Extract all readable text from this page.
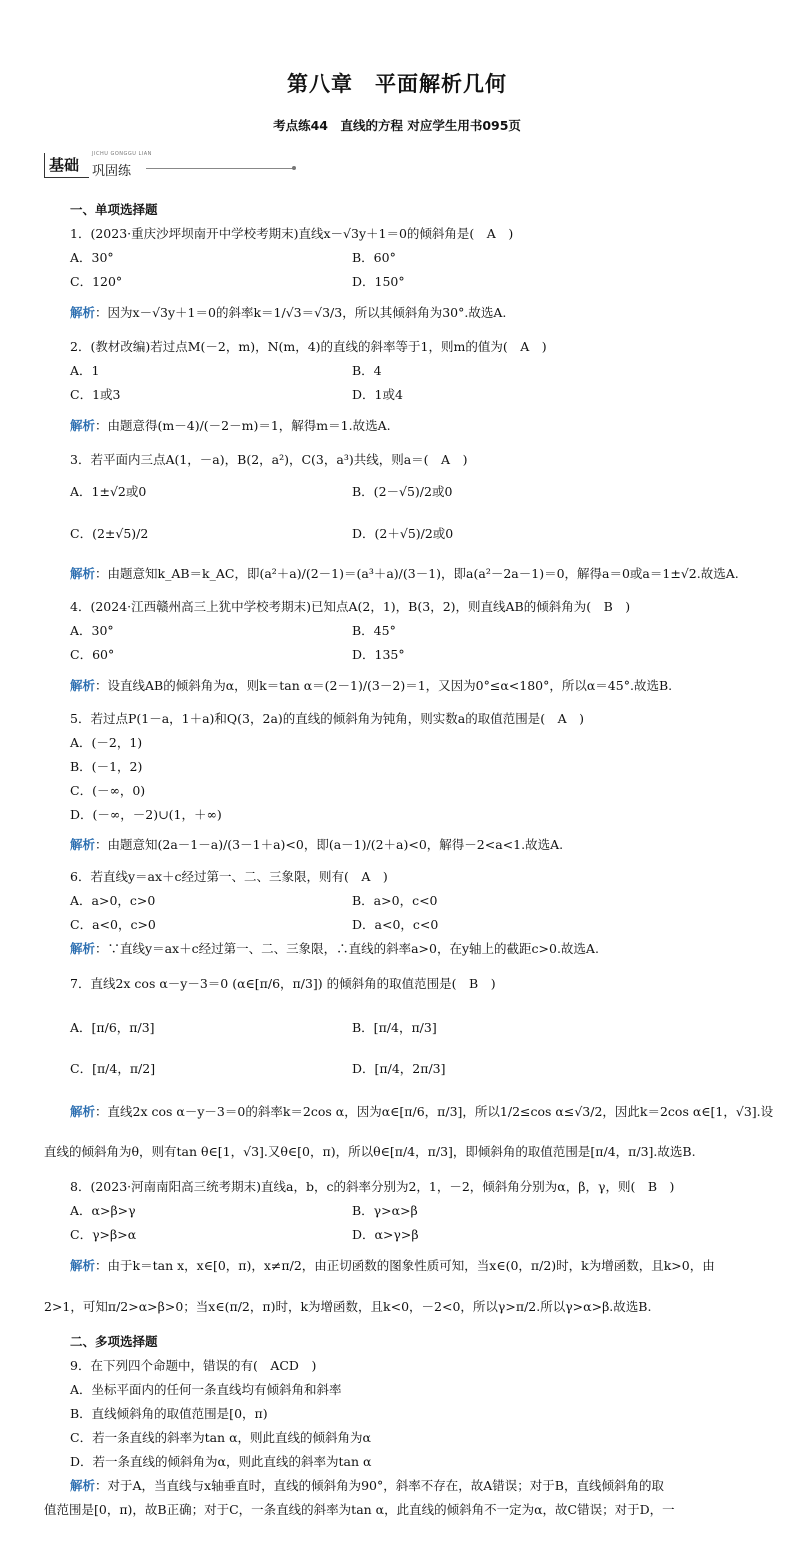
第八章　平面解析几何
考点练44　直线的方程 对应学生用书095页
基础
JICHU GONGGU LIAN
巩固练
一、单项选择题
1．(2023·重庆沙坪坝南开中学校考期末)直线x－√3y＋1＝0的倾斜角是(　A　)
A．30°	B．60°
C．120°	D．150°
解析：因为x－√3y＋1＝0的斜率k＝1/√3＝√3/3，所以其倾斜角为30°.故选A.
2．(教材改编)若过点M(－2，m)，N(m，4)的直线的斜率等于1，则m的值为(　A　)
A．1	B．4
C．1或3	D．1或4
解析：由题意得(m－4)/(－2－m)＝1，解得m＝1.故选A.
3．若平面内三点A(1，－a)，B(2，a²)，C(3，a³)共线，则a＝(　A　)
A．1±√2或0	B．(2－√5)/2或0
C．(2±√5)/2	D．(2＋√5)/2或0
解析：由题意知k_AB＝k_AC，即(a²＋a)/(2－1)＝(a³＋a)/(3－1)，即a(a²－2a－1)＝0，解得a＝0或a＝1±√2.故选A.
4．(2024·江西赣州高三上犹中学校考期末)已知点A(2，1)，B(3，2)，则直线AB的倾斜角为(　B　)
A．30°	B．45°
C．60°	D．135°
解析：设直线AB的倾斜角为α，则k＝tan α＝(2－1)/(3－2)＝1，又因为0°≤α<180°，所以α＝45°.故选B.
5．若过点P(1－a，1＋a)和Q(3，2a)的直线的倾斜角为钝角，则实数a的取值范围是(　A　)
A．(－2，1)
B．(－1，2)
C．(－∞，0)
D．(－∞，－2)∪(1，＋∞)
解析：由题意知(2a－1－a)/(3－1＋a)<0，即(a－1)/(2＋a)<0，解得－2<a<1.故选A.
6．若直线y＝ax＋c经过第一、二、三象限，则有(　A　)
A．a>0，c>0	B．a>0，c<0
C．a<0，c>0	D．a<0，c<0
解析：∵直线y＝ax＋c经过第一、二、三象限，∴直线的斜率a>0，在y轴上的截距c>0.故选A.
7．直线2x cos α－y－3＝0 (α∈[π/6，π/3]) 的倾斜角的取值范围是(　B　)
A．[π/6，π/3]	B．[π/4，π/3]
C．[π/4，π/2]	D．[π/4，2π/3]
解析：直线2x cos α－y－3＝0的斜率k＝2cos α，因为α∈[π/6，π/3]，所以1/2≤cos α≤√3/2，因此k＝2cos α∈[1，√3].设
直线的倾斜角为θ，则有tan θ∈[1，√3].又θ∈[0，π)，所以θ∈[π/4，π/3]，即倾斜角的取值范围是[π/4，π/3].故选B.
8．(2023·河南南阳高三统考期末)直线a，b，c的斜率分别为2，1，－2，倾斜角分别为α，β，γ，则(　B　)
A．α>β>γ	B．γ>α>β
C．γ>β>α	D．α>γ>β
解析：由于k＝tan x，x∈[0，π)，x≠π/2，由正切函数的图象性质可知，当x∈(0，π/2)时，k为增函数，且k>0，由
2>1，可知π/2>α>β>0；当x∈(π/2，π)时，k为增函数，且k<0，－2<0，所以γ>π/2.所以γ>α>β.故选B.
二、多项选择题
9．在下列四个命题中，错误的有(　ACD　)
A．坐标平面内的任何一条直线均有倾斜角和斜率
B．直线倾斜角的取值范围是[0，π)
C．若一条直线的斜率为tan α，则此直线的倾斜角为α
D．若一条直线的倾斜角为α，则此直线的斜率为tan α
解析：对于A，当直线与x轴垂直时，直线的倾斜角为90°，斜率不存在，故A错误；对于B，直线倾斜角的取
值范围是[0，π)，故B正确；对于C，一条直线的斜率为tan α，此直线的倾斜角不一定为α，故C错误；对于D，一
